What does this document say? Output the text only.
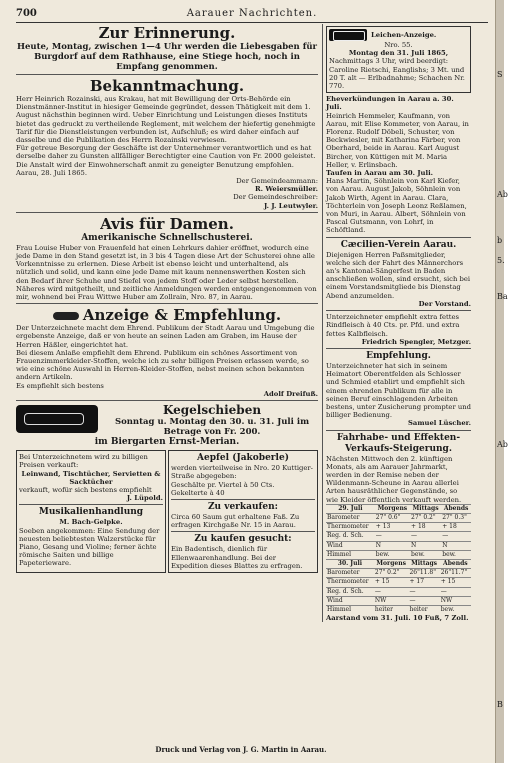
700	Aarauer Nachrichten.
S
Ab
b
5.
Ba
Ab
B
Zur Erinnerung.
Heute, Montag, zwischen 1—4 Uhr werden die Liebesgaben für Burgdorf auf dem Rathhause, eine Stiege hoch, noch in Empfang genommen.
Bekanntmachung.
Herr Heinrich Rozainski, aus Krakau, hat mit Bewilligung der Orts-Behörde ein Dienstmänner-Institut in hiesiger Gemeinde gegründet, dessen Thätigkeit mit dem 1. August nächsthin beginnen wird. Ueber Einrichtung und Leistungen dieses Instituts bietet das gedruckt zu vertheilende Reglement, mit welchem der hiefertig genehmigte Tarif für die Dienstleistungen verbunden ist, Aufschluß; es wird daher einfach auf dasselbe und die Publikation des Herrn Rozainski verwiesen.
Für getreue Besorgung der Geschäfte ist der Unternehmer verantwortlich und es hat derselbe daher zu Gunsten allfälliger Berechtigter eine Caution von Fr. 2000 geleistet.
Die Anstalt wird der Einwohnerschaft anmit zu geneigter Benutzung empfohlen.
Aarau, 28. Juli 1865.
Der Gemeindeammann:
R. Weiersmüller.
Der Gemeindeschreiber:
J. J. Leutwyler.
Avis für Damen.
Amerikanische Schnellschusterei.
Frau Louise Huber von Frauenfeld hat einen Lehrkurs dahier eröffnet, wodurch eine jede Dame in den Stand gesetzt ist, in 3 bis 4 Tagen diese Art der Schusterei ohne alle Vorkenntnisse zu erlernen. Diese Arbeit ist ebenso leicht und unterhaltend, als nützlich und solid, und kann eine jede Dame mit kaum nennenswerthen Kosten sich den Bedarf ihrer Schuhe und Stiefel von jedem Stoff oder Leder selbst herstellen.
Näheres wird mitgetheilt, und zeitliche Anmeldungen werden entgegengenommen von mir, wohnend bei Frau Wittwe Huber am Zollrain, Nro. 87, in Aarau.
Anzeige & Empfehlung.
Der Unterzeichnete macht dem Ehrend. Publikum der Stadt Aarau und Umgebung die ergebenste Anzeige, daß er von heute an seinen Laden am Graben, im Hause der Herren Häßler, eingerichtet hat.
Bei diesem Anlaße empfiehlt dem Ehrend. Publikum ein schönes Assortiment von Frauenzimmerkleider-Stoffen, welche ich zu sehr billigen Preisen erlassen werde, so wie eine schöne Auswahl in Herren-Kleider-Stoffen, nebst meinen schon bekannten andern Artikeln.
Es empfiehlt sich bestens
Adolf Dreifuß.
Kegelschieben
Sonntag u. Montag den 30. u. 31. Juli im Betrage von Fr. 200.
im Biergarten Ernst-Merian.
Bei Unterzeichnetem wird zu billigen Preisen verkauft:
Leinwand, Tischtücher, Servietten & Sacktücher
verkauft, wofür sich bestens empfiehlt
J. Lüpold.
Musikalienhandlung
M. Bach-Gelpke.
Soeben angekommen: Eine Sendung der neuesten beliebtesten Walzerstücke für Piano, Gesang und Violine; ferner ächte römische Saiten und billige Papeterieware.
Aepfel (Jakoberle)
werden vierteilweise in Nro. 20 Kuttiger-Straße abgegeben:
Geschälte pr. Viertel à 50 Cts.
Gekelterte à 40
Zu verkaufen:
Circa 60 Saum gut erhaltene Faß. Zu erfragen Kirchgaße Nr. 15 in Aarau.
Zu kaufen gesucht:
Ein Badentisch, dienlich für Ellenwaarenhandlung. Bei der Expedition dieses Blattes zu erfragen.
Leichen-Anzeige.
Nro. 55.
Montag den 31. Juli 1865,
Nachmittags 3 Uhr, wird beerdigt: Caroline Rietschi, Eanglishs; 3 Mt. und 20 T. alt — Erlbadnahme; Schachen Nr. 770.
Eheverkündungen in Aarau a. 30. Juli.
Heinrich Hemmeler, Kaufmann, von Aarau, mit Elise Kommeter, von Aarau, in Florenz. Rudolf Döbeli, Schuster, von Beckwiesler, mit Katharina Färber, von Oberhard, beide in Aarau. Karl August Bircher, von Küttigen mit M. Maria Heller, v. Erlinsbach.
Taufen in Aarau am 30. Juli.
Hans Martin, Söhnlein von Karl Kiefer, von Aarau. August Jakob, Söhnlein von Jakob Wirth, Agent in Aarau. Clara, Töchterlein von Joseph Leonz Reßlamen, von Muri, in Aarau. Albert, Söhnlein von Pascal Gutsmann, von Lohrf, in Schöftland.
Cæcilien-Verein Aarau.
Diejenigen Herren Paßsmitglieder, welche sich der Fahrt des Männerchors an's Kantonal-Sängerfest in Baden anschließen wollen, sind ersucht, sich bei einem Vorstandsmitgliede bis Dienstag Abend anzumelden.
Der Vorstand.
Unterzeichneter empfiehlt extra fettes Rindfleisch à 40 Cts. pr. Pfd. und extra fettes Kalbfleisch.
Friedrich Spengler, Metzger.
Empfehlung.
Unterzeichneter hat sich in seinem Heimatort Oberentfelden als Schlosser und Schmied etablirt und empfiehlt sich einem ehrenden Publikum für alle in seinen Beruf einschlagenden Arbeiten bestens, unter Zusicherung prompter und billiger Bedienung.
Samuel Lüscher.
Fahrhabe- und Effekten-Verkaufs-Steigerung.
Nächsten Mittwoch den 2. künftigen Monats, als am Aarauer Jahrmarkt, werden in der Remise neben der Wildenmann-Scheune in Aarau allerlei Arten hausräthlicher Gegenstände, so wie Kleider öffentlich verkauft werden.
29. Juli	Morgens	Mittags	Abends
Barometer	27" 0.6"	27" 0.2"	27" 0.3"
Thermometer	+ 13	+ 18	+ 18
Reg. d. Sch.	—	—	—
Wind	N	N	N
Himmel	bew.	bew.	bew.
30. Juli	Morgens	Mittags	Abends
Barometer	27" 0.2"	26"11.8"	26"11.7"
Thermometer	+ 15	+ 17	+ 15
Reg. d. Sch.	—	—	—
Wind	NW	—	NW
Himmel	heiter	heiter	bew.
Aarstand vom 31. Juli. 10 Fuß, 7 Zoll.
Druck und Verlag von J. G. Martin in Aarau.
